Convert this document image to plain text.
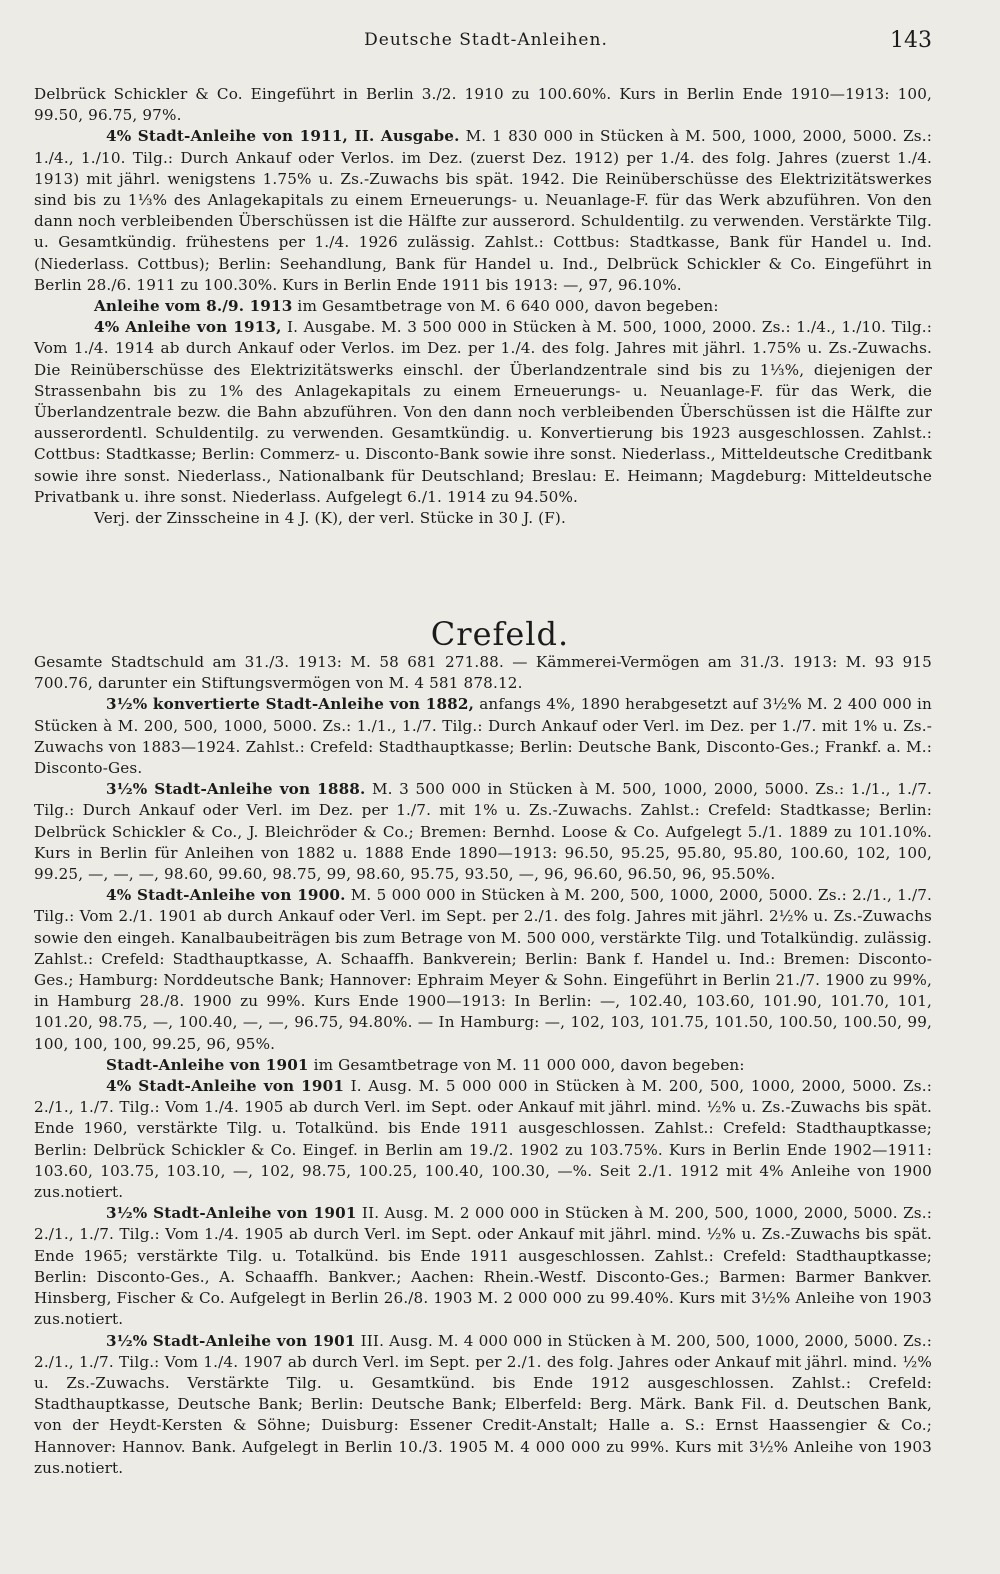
Deutsche Stadt-Anleihen.	143

Delbrück Schickler & Co. Eingeführt in Berlin 3./2. 1910 zu 100.60%. Kurs in Berlin Ende 1910—1913: 100, 99.50, 96.75, 97%.

4% Stadt-Anleihe von 1911, II. Ausgabe. M. 1 830 000 in Stücken à M. 500, 1000, 2000, 5000. Zs.: 1./4., 1./10. Tilg.: Durch Ankauf oder Verlos. im Dez. (zuerst Dez. 1912) per 1./4. des folg. Jahres (zuerst 1./4. 1913) mit jährl. wenigstens 1.75% u. Zs.-Zuwachs bis spät. 1942. Die Reinüberschüsse des Elektrizitätswerkes sind bis zu 1⅓% des Anlagekapitals zu einem Erneuerungs- u. Neuanlage-F. für das Werk abzuführen. Von den dann noch verbleibenden Überschüssen ist die Hälfte zur ausserord. Schuldentilg. zu verwenden. Verstärkte Tilg. u. Gesamtkündig. frühestens per 1./4. 1926 zulässig. Zahlst.: Cottbus: Stadtkasse, Bank für Handel u. Ind. (Niederlass. Cottbus); Berlin: Seehandlung, Bank für Handel u. Ind., Delbrück Schickler & Co. Eingeführt in Berlin 28./6. 1911 zu 100.30%. Kurs in Berlin Ende 1911 bis 1913: —, 97, 96.10%.

Anleihe vom 8./9. 1913 im Gesamtbetrage von M. 6 640 000, davon begeben:

4% Anleihe von 1913, I. Ausgabe. M. 3 500 000 in Stücken à M. 500, 1000, 2000. Zs.: 1./4., 1./10. Tilg.: Vom 1./4. 1914 ab durch Ankauf oder Verlos. im Dez. per 1./4. des folg. Jahres mit jährl. 1.75% u. Zs.-Zuwachs. Die Reinüberschüsse des Elektrizitätswerks einschl. der Überlandzentrale sind bis zu 1⅓%, diejenigen der Strassenbahn bis zu 1% des Anlagekapitals zu einem Erneuerungs- u. Neuanlage-F. für das Werk, die Überlandzentrale bezw. die Bahn abzuführen. Von den dann noch verbleibenden Überschüssen ist die Hälfte zur ausserordentl. Schuldentilg. zu verwenden. Gesamtkündig. u. Konvertierung bis 1923 ausgeschlossen. Zahlst.: Cottbus: Stadtkasse; Berlin: Commerz- u. Disconto-Bank sowie ihre sonst. Niederlass., Mitteldeutsche Creditbank sowie ihre sonst. Niederlass., Nationalbank für Deutschland; Breslau: E. Heimann; Magdeburg: Mitteldeutsche Privatbank u. ihre sonst. Niederlass. Aufgelegt 6./1. 1914 zu 94.50%.

Verj. der Zinsscheine in 4 J. (K), der verl. Stücke in 30 J. (F).

Crefeld.

Gesamte Stadtschuld am 31./3. 1913: M. 58 681 271.88. — Kämmerei-Vermögen am 31./3. 1913: M. 93 915 700.76, darunter ein Stiftungsvermögen von M. 4 581 878.12.

3½% konvertierte Stadt-Anleihe von 1882, anfangs 4%, 1890 herabgesetzt auf 3½% M. 2 400 000 in Stücken à M. 200, 500, 1000, 5000. Zs.: 1./1., 1./7. Tilg.: Durch Ankauf oder Verl. im Dez. per 1./7. mit 1% u. Zs.-Zuwachs von 1883—1924. Zahlst.: Crefeld: Stadthauptkasse; Berlin: Deutsche Bank, Disconto-Ges.; Frankf. a. M.: Disconto-Ges.

3½% Stadt-Anleihe von 1888. M. 3 500 000 in Stücken à M. 500, 1000, 2000, 5000. Zs.: 1./1., 1./7. Tilg.: Durch Ankauf oder Verl. im Dez. per 1./7. mit 1% u. Zs.-Zuwachs. Zahlst.: Crefeld: Stadtkasse; Berlin: Delbrück Schickler & Co., J. Bleichröder & Co.; Bremen: Bernhd. Loose & Co. Aufgelegt 5./1. 1889 zu 101.10%. Kurs in Berlin für Anleihen von 1882 u. 1888 Ende 1890—1913: 96.50, 95.25, 95.80, 95.80, 100.60, 102, 100, 99.25, —, —, —, 98.60, 99.60, 98.75, 99, 98.60, 95.75, 93.50, —, 96, 96.60, 96.50, 96, 95.50%.

4% Stadt-Anleihe von 1900. M. 5 000 000 in Stücken à M. 200, 500, 1000, 2000, 5000. Zs.: 2./1., 1./7. Tilg.: Vom 2./1. 1901 ab durch Ankauf oder Verl. im Sept. per 2./1. des folg. Jahres mit jährl. 2½% u. Zs.-Zuwachs sowie den eingeh. Kanalbaubeiträgen bis zum Betrage von M. 500 000, verstärkte Tilg. und Totalkündig. zulässig. Zahlst.: Crefeld: Stadthauptkasse, A. Schaaffh. Bankverein; Berlin: Bank f. Handel u. Ind.: Bremen: Disconto-Ges.; Hamburg: Norddeutsche Bank; Hannover: Ephraim Meyer & Sohn. Eingeführt in Berlin 21./7. 1900 zu 99%, in Hamburg 28./8. 1900 zu 99%. Kurs Ende 1900—1913: In Berlin: —, 102.40, 103.60, 101.90, 101.70, 101, 101.20, 98.75, —, 100.40, —, —, 96.75, 94.80%. — In Hamburg: —, 102, 103, 101.75, 101.50, 100.50, 100.50, 99, 100, 100, 100, 99.25, 96, 95%.

Stadt-Anleihe von 1901 im Gesamtbetrage von M. 11 000 000, davon begeben:

4% Stadt-Anleihe von 1901 I. Ausg. M. 5 000 000 in Stücken à M. 200, 500, 1000, 2000, 5000. Zs.: 2./1., 1./7. Tilg.: Vom 1./4. 1905 ab durch Verl. im Sept. oder Ankauf mit jährl. mind. ½% u. Zs.-Zuwachs bis spät. Ende 1960, verstärkte Tilg. u. Totalkünd. bis Ende 1911 ausgeschlossen. Zahlst.: Crefeld: Stadthauptkasse; Berlin: Delbrück Schickler & Co. Eingef. in Berlin am 19./2. 1902 zu 103.75%. Kurs in Berlin Ende 1902—1911: 103.60, 103.75, 103.10, —, 102, 98.75, 100.25, 100.40, 100.30, —%. Seit 2./1. 1912 mit 4% Anleihe von 1900 zus.notiert.

3½% Stadt-Anleihe von 1901 II. Ausg. M. 2 000 000 in Stücken à M. 200, 500, 1000, 2000, 5000. Zs.: 2./1., 1./7. Tilg.: Vom 1./4. 1905 ab durch Verl. im Sept. oder Ankauf mit jährl. mind. ½% u. Zs.-Zuwachs bis spät. Ende 1965; verstärkte Tilg. u. Totalkünd. bis Ende 1911 ausgeschlossen. Zahlst.: Crefeld: Stadthauptkasse; Berlin: Disconto-Ges., A. Schaaffh. Bankver.; Aachen: Rhein.-Westf. Disconto-Ges.; Barmen: Barmer Bankver. Hinsberg, Fischer & Co. Aufgelegt in Berlin 26./8. 1903 M. 2 000 000 zu 99.40%. Kurs mit 3½% Anleihe von 1903 zus.notiert.

3½% Stadt-Anleihe von 1901 III. Ausg. M. 4 000 000 in Stücken à M. 200, 500, 1000, 2000, 5000. Zs.: 2./1., 1./7. Tilg.: Vom 1./4. 1907 ab durch Verl. im Sept. per 2./1. des folg. Jahres oder Ankauf mit jährl. mind. ½% u. Zs.-Zuwachs. Verstärkte Tilg. u. Gesamtkünd. bis Ende 1912 ausgeschlossen. Zahlst.: Crefeld: Stadthauptkasse, Deutsche Bank; Berlin: Deutsche Bank; Elberfeld: Berg. Märk. Bank Fil. d. Deutschen Bank, von der Heydt-Kersten & Söhne; Duisburg: Essener Credit-Anstalt; Halle a. S.: Ernst Haassengier & Co.; Hannover: Hannov. Bank. Aufgelegt in Berlin 10./3. 1905 M. 4 000 000 zu 99%. Kurs mit 3½% Anleihe von 1903 zus.notiert.
